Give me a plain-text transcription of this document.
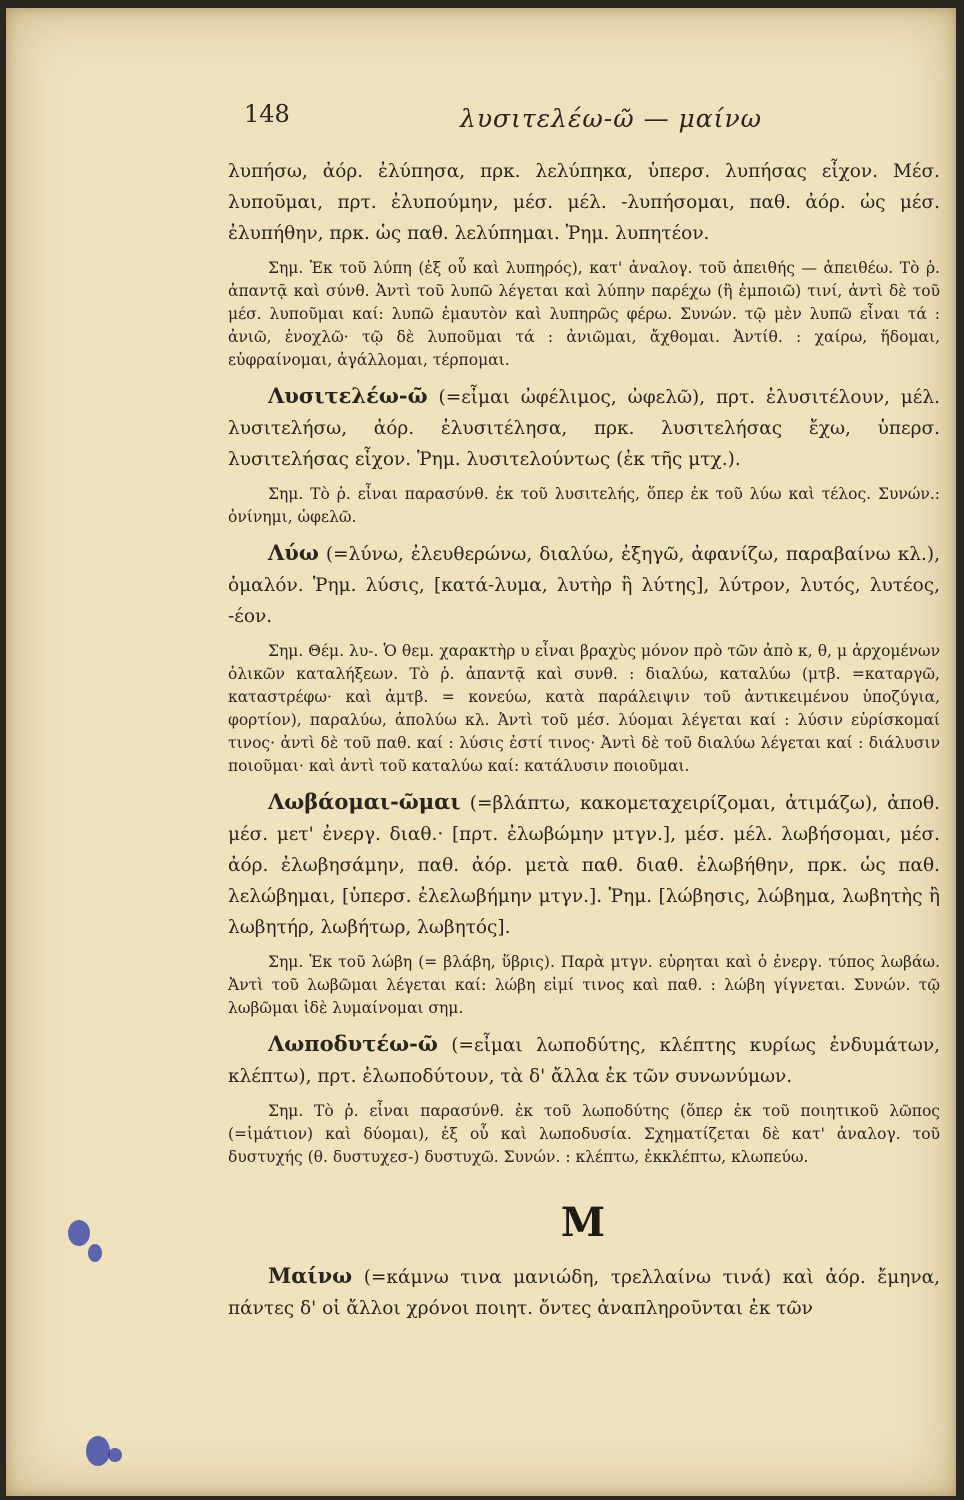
148	λυσιτελέω-ῶ — μαίνω

λυπήσω, ἀόρ. ἐλύπησα, πρκ. λελύπηκα, ὑπερσ. λυπήσας εἶχον. Μέσ. λυποῦμαι, πρτ. ἐλυπούμην, μέσ. μέλ. -λυπήσομαι, παθ. ἀόρ. ὡς μέσ. ἐλυπήθην, πρκ. ὡς παθ. λελύπημαι. Ῥημ. λυπητέον.

Σημ. Ἐκ τοῦ λύπη (ἐξ οὗ καὶ λυπηρός), κατ' ἀναλογ. τοῦ ἀπειθής — ἀπειθέω. Τὸ ῥ. ἀπαντᾷ καὶ σύνθ. Ἀντὶ τοῦ λυπῶ λέγεται καὶ λύπην παρέχω (ἢ ἐμποιῶ) τινί, ἀντὶ δὲ τοῦ μέσ. λυποῦμαι καί: λυπῶ ἐμαυτὸν καὶ λυπηρῶς φέρω. Συνών. τῷ μὲν λυπῶ εἶναι τά : ἀνιῶ, ἐνοχλῶ· τῷ δὲ λυποῦμαι τά : ἀνιῶμαι, ἄχθομαι. Ἀντίθ. : χαίρω, ἥδομαι, εὐφραίνομαι, ἀγάλλομαι, τέρπομαι.

Λυσιτελέω-ῶ (=εἶμαι ὠφέλιμος, ὠφελῶ), πρτ. ἐλυσιτέλουν, μέλ. λυσιτελήσω, ἀόρ. ἐλυσιτέλησα, πρκ. λυσιτελήσας ἔχω, ὑπερσ. λυσιτελήσας εἶχον. Ῥημ. λυσιτελούντως (ἐκ τῆς μτχ.).

Σημ. Τὸ ῥ. εἶναι παρασύνθ. ἐκ τοῦ λυσιτελής, ὅπερ ἐκ τοῦ λύω καὶ τέλος. Συνών.: ὀνίνημι, ὠφελῶ.

Λύω (=λύνω, ἐλευθερώνω, διαλύω, ἐξηγῶ, ἀφανίζω, παραβαίνω κλ.), ὁμαλόν. Ῥημ. λύσις, [κατά-λυμα, λυτὴρ ἢ λύτης], λύτρον, λυτός, λυτέος, -έον.

Σημ. Θέμ. λυ-. Ὁ θεμ. χαρακτὴρ υ εἶναι βραχὺς μόνον πρὸ τῶν ἀπὸ κ, θ, μ ἀρχομένων ὀλικῶν καταλήξεων. Τὸ ῥ. ἀπαντᾷ καὶ συνθ. : διαλύω, καταλύω (μτβ. =καταργῶ, καταστρέφω· καὶ ἀμτβ. = κονεύω, κατὰ παράλειψιν τοῦ ἀντικειμένου ὑποζύγια, φορτίον), παραλύω, ἀπολύω κλ. Ἀντὶ τοῦ μέσ. λύομαι λέγεται καί : λύσιν εὑρίσκομαί τινος· ἀντὶ δὲ τοῦ παθ. καί : λύσις ἐστί τινος· Ἀντὶ δὲ τοῦ διαλύω λέγεται καί : διάλυσιν ποιοῦμαι· καὶ ἀντὶ τοῦ καταλύω καί: κατάλυσιν ποιοῦμαι.

Λωβάομαι-ῶμαι (=βλάπτω, κακομεταχειρίζομαι, ἀτιμάζω), ἀποθ. μέσ. μετ' ἐνεργ. διαθ.· [πρτ. ἐλωβώμην μτγν.], μέσ. μέλ. λωβήσομαι, μέσ. ἀόρ. ἐλωβησάμην, παθ. ἀόρ. μετὰ παθ. διαθ. ἐλωβήθην, πρκ. ὡς παθ. λελώβημαι, [ὑπερσ. ἐλελωβήμην μτγν.]. Ῥημ. [λώβησις, λώβημα, λωβητὴς ἢ λωβητήρ, λωβήτωρ, λωβητός].

Σημ. Ἐκ τοῦ λώβη (= βλάβη, ὕβρις). Παρὰ μτγν. εὑρηται καὶ ὁ ἐνεργ. τύπος λωβάω. Ἀντὶ τοῦ λωβῶμαι λέγεται καί: λώβη εἰμί τινος καὶ παθ. : λώβη γίγνεται. Συνών. τῷ λωβῶμαι ἰδὲ λυμαίνομαι σημ.

Λωποδυτέω-ῶ (=εἶμαι λωποδύτης, κλέπτης κυρίως ἐνδυμάτων, κλέπτω), πρτ. ἐλωποδύτουν, τὰ δ' ἄλλα ἐκ τῶν συνωνύμων.

Σημ. Τὸ ῥ. εἶναι παρασύνθ. ἐκ τοῦ λωποδύτης (ὅπερ ἐκ τοῦ ποιητικοῦ λῶπος (=ἱμάτιον) καὶ δύομαι), ἐξ οὗ καὶ λωποδυσία. Σχηματίζεται δὲ κατ' ἀναλογ. τοῦ δυστυχής (θ. δυστυχεσ-) δυστυχῶ. Συνών. : κλέπτω, ἐκκλέπτω, κλωπεύω.

Μ

Μαίνω (=κάμνω τινα μανιώδη, τρελλαίνω τινά) καὶ ἀόρ. ἔμηνα, πάντες δ' οἱ ἄλλοι χρόνοι ποιητ. ὄντες ἀναπληροῦνται ἐκ τῶν
